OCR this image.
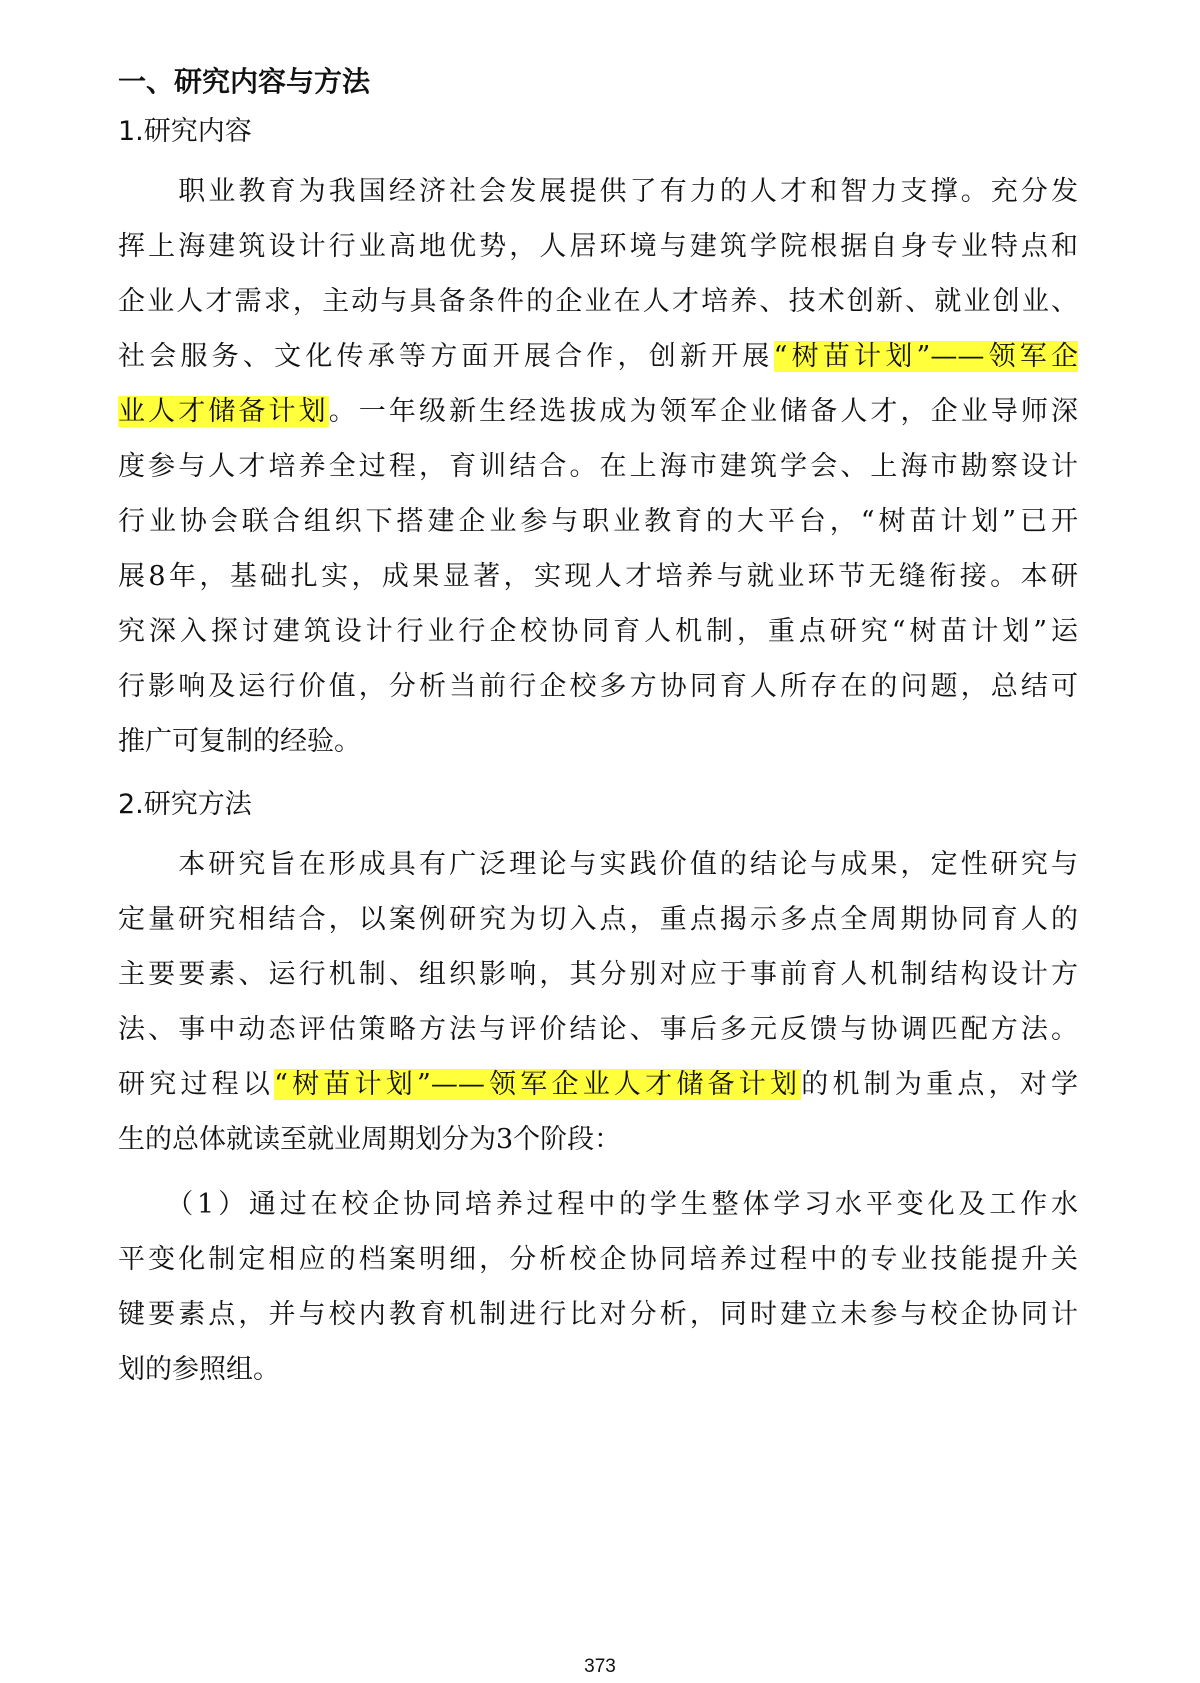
一、研究内容与方法
1.研究内容
　　职业教育为我国经济社会发展提供了有力的人才和智力支撑。充分发
挥上海建筑设计行业高地优势，人居环境与建筑学院根据自身专业特点和
企业人才需求，主动与具备条件的企业在人才培养、技术创新、就业创业、
社会服务、文化传承等方面开展合作，创新开展“树苗计划”——领军企
业人才储备计划。一年级新生经选拔成为领军企业储备人才，企业导师深
度参与人才培养全过程，育训结合。在上海市建筑学会、上海市勘察设计
行业协会联合组织下搭建企业参与职业教育的大平台，“树苗计划”已开
展8年，基础扎实，成果显著，实现人才培养与就业环节无缝衔接。本研
究深入探讨建筑设计行业行企校协同育人机制，重点研究“树苗计划”运
行影响及运行价值，分析当前行企校多方协同育人所存在的问题，总结可
推广可复制的经验。
2.研究方法
　　本研究旨在形成具有广泛理论与实践价值的结论与成果，定性研究与
定量研究相结合，以案例研究为切入点，重点揭示多点全周期协同育人的
主要要素、运行机制、组织影响，其分别对应于事前育人机制结构设计方
法、事中动态评估策略方法与评价结论、事后多元反馈与协调匹配方法。
研究过程以“树苗计划”——领军企业人才储备计划的机制为重点，对学
生的总体就读至就业周期划分为3个阶段：
　　（1）通过在校企协同培养过程中的学生整体学习水平变化及工作水
平变化制定相应的档案明细，分析校企协同培养过程中的专业技能提升关
键要素点，并与校内教育机制进行比对分析，同时建立未参与校企协同计
划的参照组。
373
